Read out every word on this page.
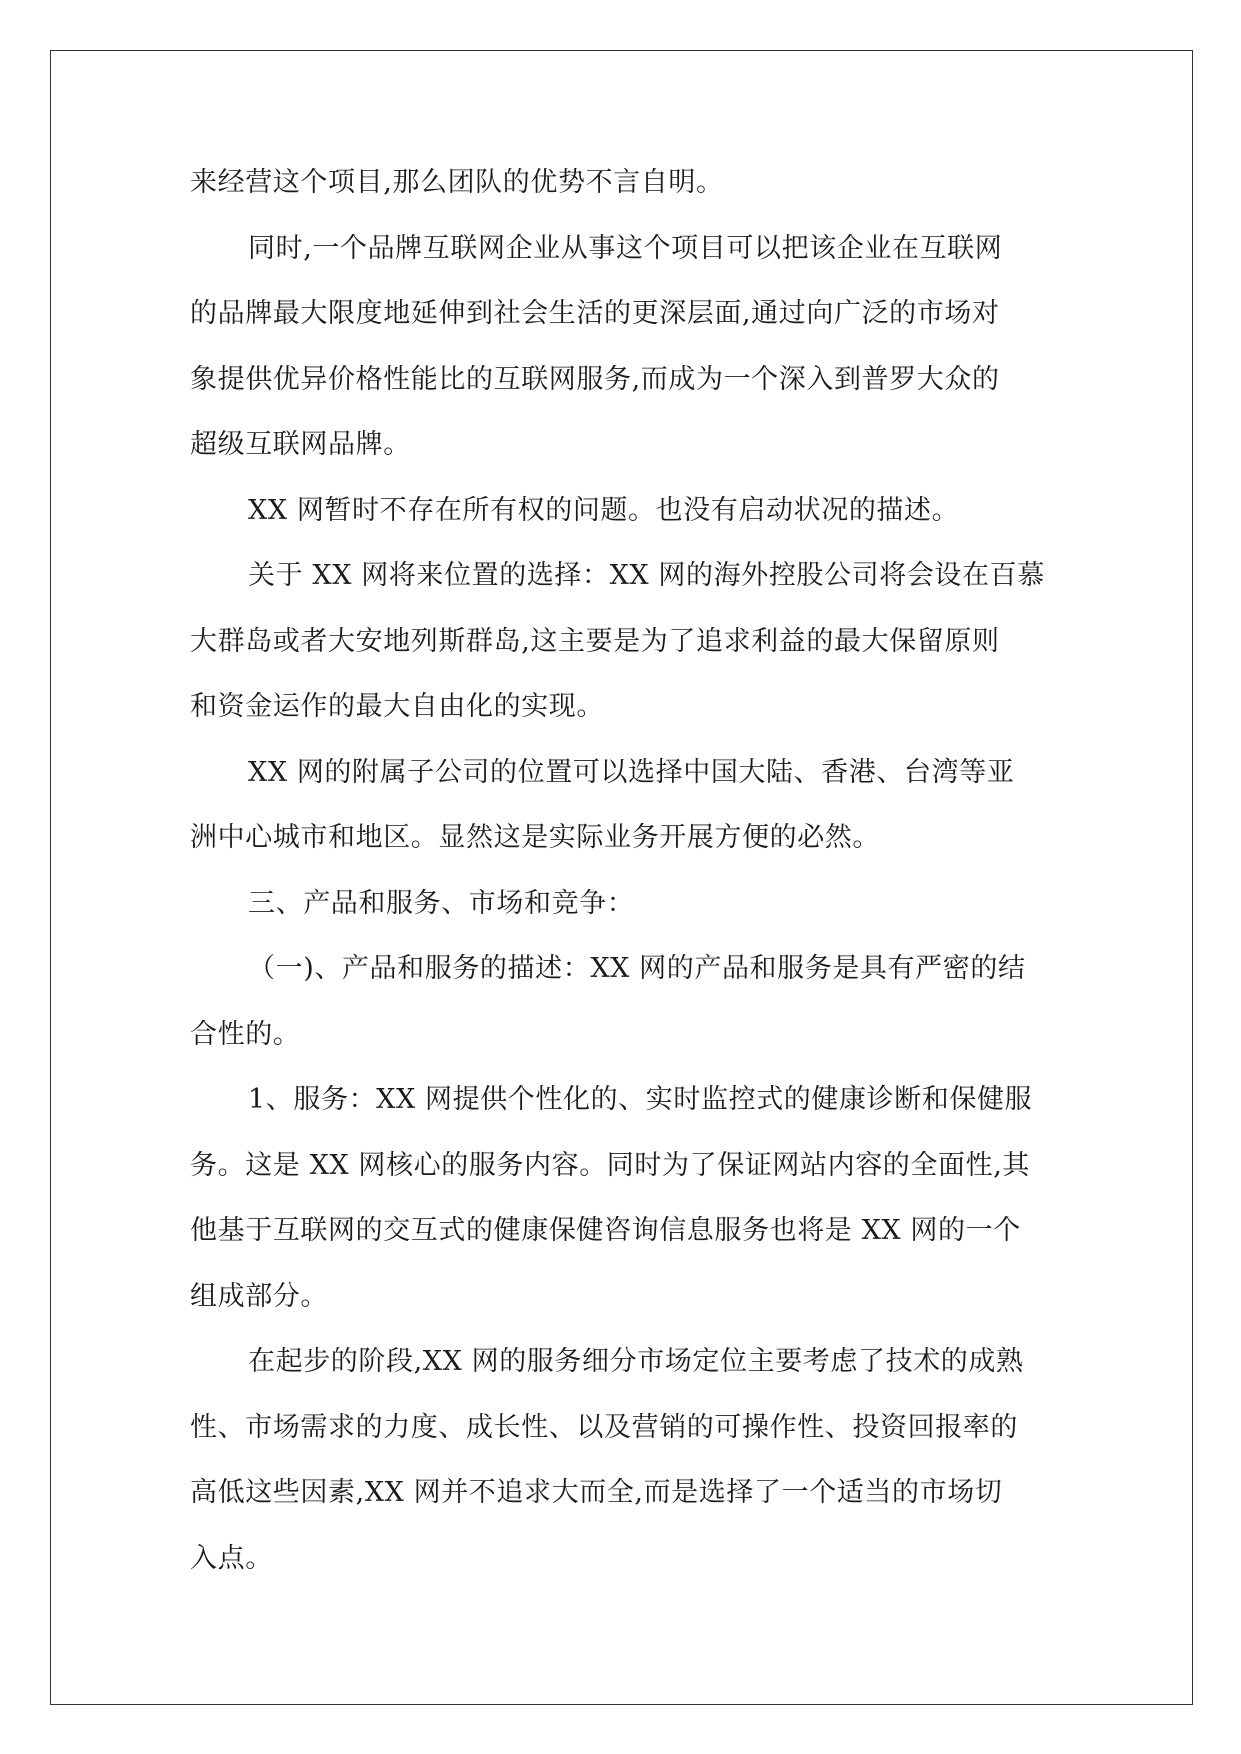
来经营这个项目,那么团队的优势不言自明。
同时,一个品牌互联网企业从事这个项目可以把该企业在互联网
的品牌最大限度地延伸到社会生活的更深层面,通过向广泛的市场对
象提供优异价格性能比的互联网服务,而成为一个深入到普罗大众的
超级互联网品牌。
XX 网暂时不存在所有权的问题。也没有启动状况的描述。
关于 XX 网将来位置的选择：XX 网的海外控股公司将会设在百慕
大群岛或者大安地列斯群岛,这主要是为了追求利益的最大保留原则
和资金运作的最大自由化的实现。
XX 网的附属子公司的位置可以选择中国大陆、香港、台湾等亚
洲中心城市和地区。显然这是实际业务开展方便的必然。
三、产品和服务、市场和竞争：
（一)、产品和服务的描述：XX 网的产品和服务是具有严密的结
合性的。
1、服务：XX 网提供个性化的、实时监控式的健康诊断和保健服
务。这是 XX 网核心的服务内容。同时为了保证网站内容的全面性,其
他基于互联网的交互式的健康保健咨询信息服务也将是 XX 网的一个
组成部分。
在起步的阶段,XX 网的服务细分市场定位主要考虑了技术的成熟
性、市场需求的力度、成长性、以及营销的可操作性、投资回报率的
高低这些因素,XX 网并不追求大而全,而是选择了一个适当的市场切
入点。
